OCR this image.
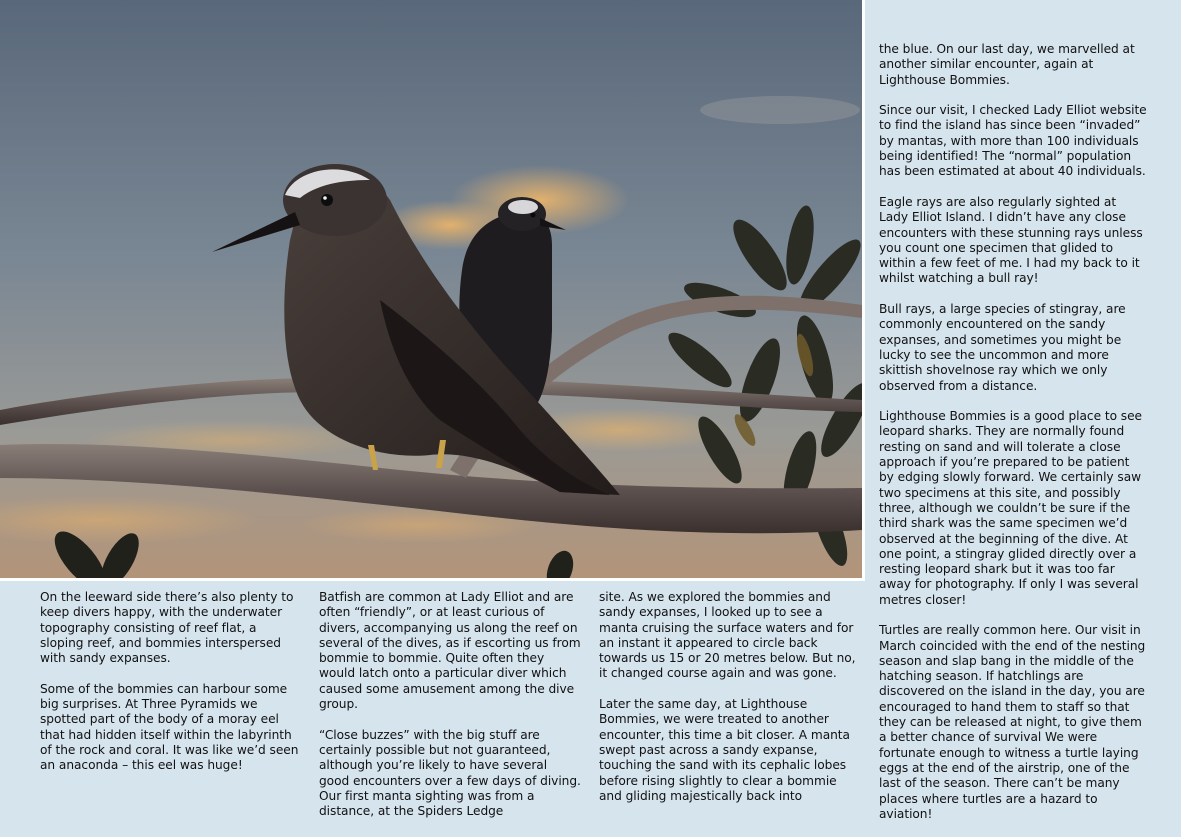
On the leeward side there’s also plenty to keep divers happy, with the underwater topography consisting of reef flat, a sloping reef, and bommies interspersed with sandy expanses.

Some of the bommies can harbour some big surprises. At Three Pyramids we spotted part of the body of a moray eel that had hidden itself within the labyrinth of the rock and coral. It was like we’d seen an anaconda – this eel was huge!

Batfish are common at Lady Elliot and are often “friendly”, or at least curious of divers, accompanying us along the reef on several of the dives, as if escorting us from bommie to bommie. Quite often they would latch onto a particular diver which caused some amusement among the dive group.

“Close buzzes” with the big stuff are certainly possible but not guaranteed, although you’re likely to have several good encounters over a few days of diving. Our first manta sighting was from a distance, at the Spiders Ledge

site. As we explored the bommies and sandy expanses, I looked up to see a manta cruising the surface waters and for an instant it appeared to circle back towards us 15 or 20 metres below. But no, it changed course again and was gone.

Later the same day, at Lighthouse Bommies, we were treated to another encounter, this time a bit closer. A manta swept past across a sandy expanse, touching the sand with its cephalic lobes before rising slightly to clear a bommie and gliding majestically back into

the blue. On our last day, we marvelled at another similar encounter, again at Lighthouse Bommies.

Since our visit, I checked Lady Elliot website to find the island has since been “invaded” by mantas, with more than 100 individuals being identified! The “normal” population has been estimated at about 40 individuals.

Eagle rays are also regularly sighted at Lady Elliot Island. I didn’t have any close encounters with these stunning rays unless you count one specimen that glided to within a few feet of me. I had my back to it whilst watching a bull ray!

Bull rays, a large species of stingray, are commonly encountered on the sandy expanses, and sometimes you might be lucky to see the uncommon and more skittish shovelnose ray which we only observed from a distance.

Lighthouse Bommies is a good place to see leopard sharks. They are normally found resting on sand and will tolerate a close approach if you’re prepared to be patient by edging slowly forward. We certainly saw two specimens at this site, and possibly three, although we couldn’t be sure if the third shark was the same specimen we’d observed at the beginning of the dive. At one point, a stingray glided directly over a resting leopard shark but it was too far away for photography. If only I was several metres closer!

Turtles are really common here. Our visit in March coincided with the end of the nesting season and slap bang in the middle of the hatching season. If hatchlings are discovered on the island in the day, you are encouraged to hand them to staff so that they can be released at night, to give them a better chance of survival We were fortunate enough to witness a turtle laying eggs at the end of the airstrip, one of the last of the season. There can’t be many places where turtles are a hazard to aviation!
